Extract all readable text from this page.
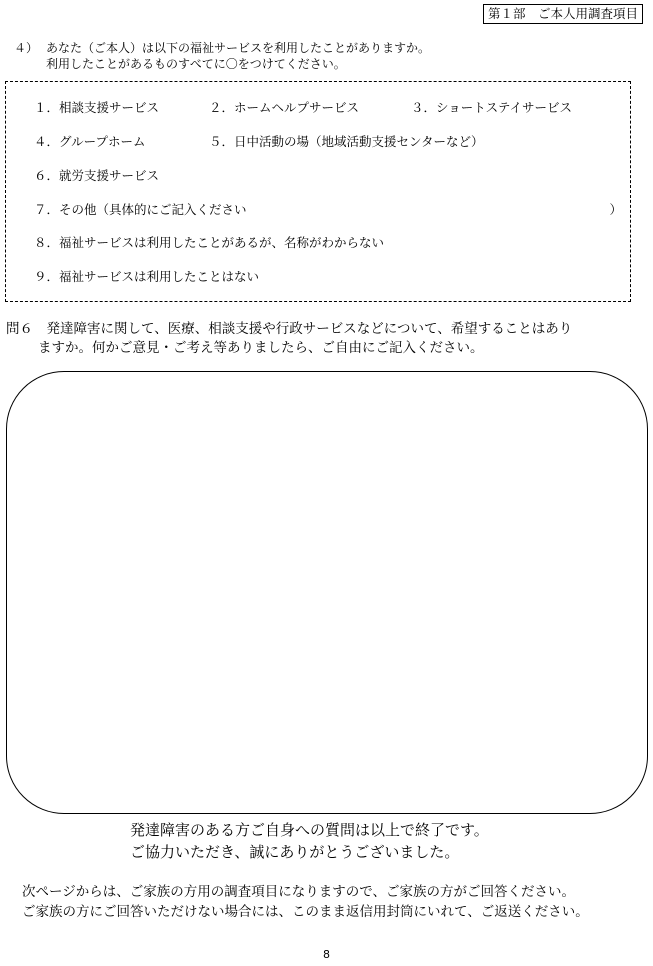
第１部　ご本人用調査項目
４） あなた（ご本人）は以下の福祉サービスを利用したことがありますか。
利用したことがあるものすべてに〇をつけてください。
１．相談支援サービス	２．ホームヘルプサービス	３．ショートステイサービス
４．グループホーム	５．日中活動の場（地域活動支援センターなど）
６．就労支援サービス
７．その他（具体的にご記入ください	）
８．福祉サービスは利用したことがあるが、名称がわからない
９．福祉サービスは利用したことはない
問６　発達障害に関して、医療、相談支援や行政サービスなどについて、希望することはあり
ますか。何かご意見・ご考え等ありましたら、ご自由にご記入ください。
発達障害のある方ご自身への質問は以上で終了です。
ご協力いただき、誠にありがとうございました。
次ページからは、ご家族の方用の調査項目になりますので、ご家族の方がご回答ください。
ご家族の方にご回答いただけない場合には、このまま返信用封筒にいれて、ご返送ください。
8
